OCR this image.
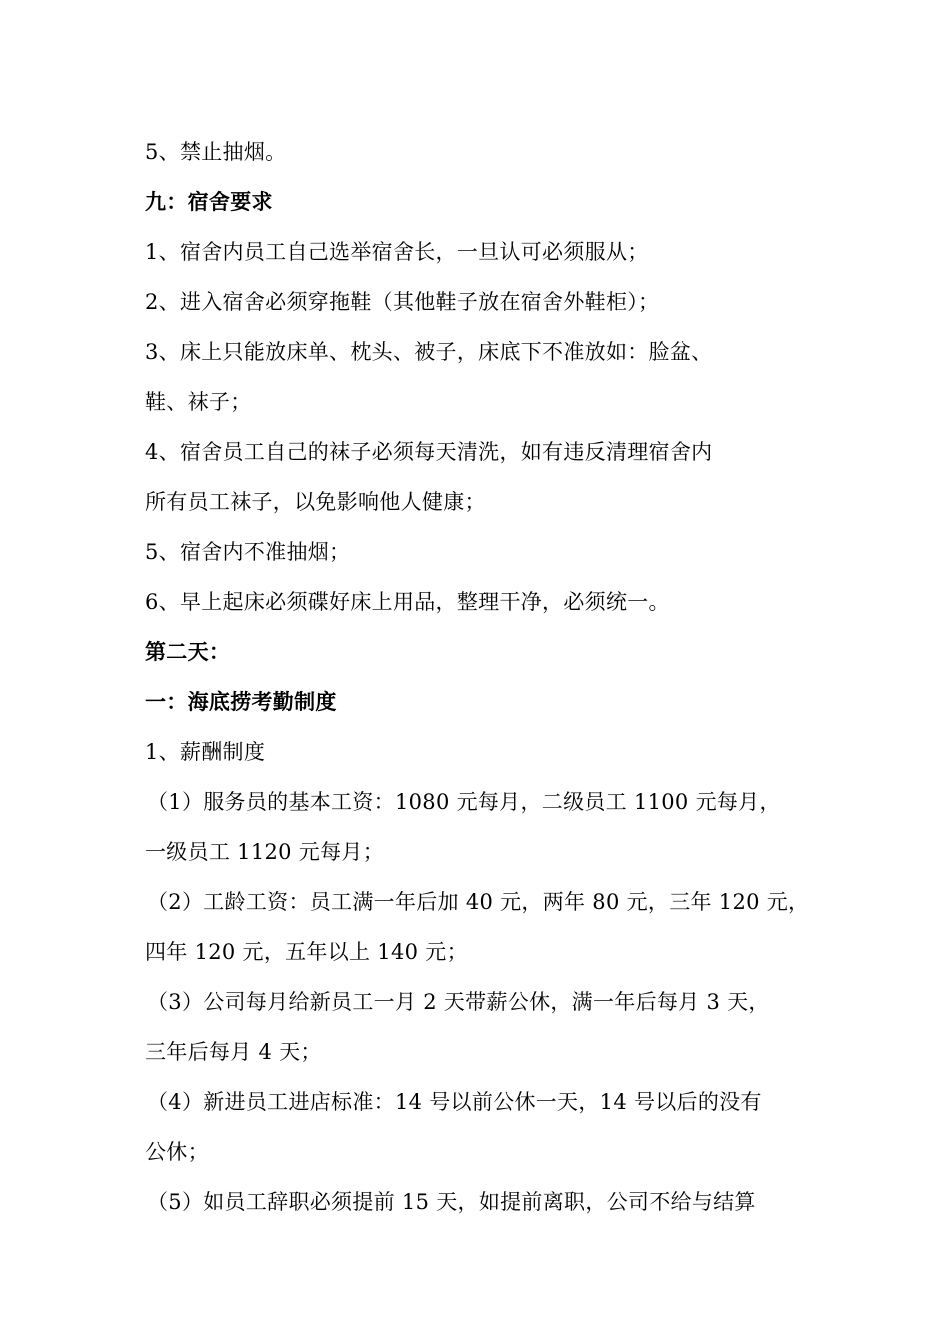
5、禁止抽烟。
九：宿舍要求
1、宿舍内员工自己选举宿舍长，一旦认可必须服从；
2、进入宿舍必须穿拖鞋（其他鞋子放在宿舍外鞋柜）；
3、床上只能放床单、枕头、被子，床底下不准放如：脸盆、
鞋、袜子；
4、宿舍员工自己的袜子必须每天清洗，如有违反清理宿舍内
所有员工袜子，以免影响他人健康；
5、宿舍内不准抽烟；
6、早上起床必须碟好床上用品，整理干净，必须统一。
第二天：
一：海底捞考勤制度
1、薪酬制度
（1）服务员的基本工资：1080 元每月，二级员工 1100 元每月，
一级员工 1120 元每月；
（2）工龄工资：员工满一年后加 40 元，两年 80 元，三年 120 元，
四年 120 元，五年以上 140 元；
（3）公司每月给新员工一月 2 天带薪公休，满一年后每月 3 天，
三年后每月 4 天；
（4）新进员工进店标准：14 号以前公休一天，14 号以后的没有
公休；
（5）如员工辞职必须提前 15 天，如提前离职，公司不给与结算
